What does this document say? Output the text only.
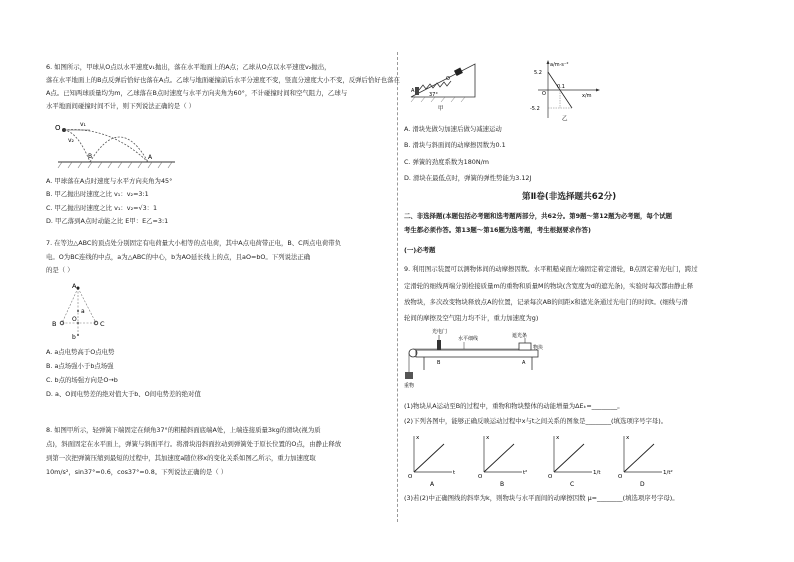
6. 如图所示，甲球从O点以水平速度v₁抛出，落在水平地面上的A点；乙球从O点以水平速度v₂抛出，
落在水平地面上的B点反弹后恰好也落在A点。乙球与地面碰撞前后水平分速度不变，竖直分速度大小不变，反弹后恰好也落在
A点。已知两球质量均为m，乙球落在B点时速度与水平方向夹角为60°，不计碰撞时间和空气阻力，乙球与
水平地面间碰撞时间不计，则下列说法正确的是（ ）
O	v₁
v₂
B	A
A. 甲球落在A点时速度与水平方向夹角为45°
B. 甲乙抛出时速度之比 v₁：v₂=3:1
C. 甲乙抛出时速度之比 v₁：v₂=√3：1
D. 甲乙落到A点时动能之比 E甲：E乙=3:1
7. 在等边△ABC的顶点处分别固定有电荷量大小相等的点电荷，其中A点电荷带正电，B、C两点电荷带负
电。O为BC连线的中点，a为△ABC的中心，b为AO延长线上的点，且aO=bO。下列说法正确
的是（ ）
A
a
O
b
B	C
A. a点电势高于O点电势
B. a点场强小于b点场强
C. b点的场强方向是O→b
D. a、O间电势差的绝对值大于b、O间电势差的绝对值
8. 如图甲所示，轻弹簧下端固定在倾角37°的粗糙斜面底端A处，上端连接质量3kg的滑块(视为质
点)，斜面固定在水平面上，弹簧与斜面平行。将滑块沿斜面拉动到弹簧处于原长位置的O点，由静止释放
到第一次把弹簧压缩到最短的过程中，其加速度a随位移x的变化关系如图乙所示，重力加速度取
10m/s²，sin37°=0.6，cos37°=0.8。下列说法正确的是（ ）
37°
O
A
甲
a/m·s⁻²
5.2
-5.2
O
0.1
x/m
乙
A. 滑块先做匀加速后做匀减速运动
B. 滑块与斜面间的动摩擦因数为0.1
C. 弹簧的劲度系数为180N/m
D. 滑块在最低点时，弹簧的弹性势能为3.12J
第Ⅱ卷(非选择题共62分)
二、非选择题(本题包括必考题和选考题两部分，共62分。第9题～第12题为必考题，每个试题
考生都必须作答。第13题～第16题为选考题，考生根据要求作答)
(一)必考题
9. 利用图示装置可以测物体间的动摩擦因数。水平粗糙桌面左端固定着定滑轮，B点固定着光电门，跨过
定滑轮的细线两端分别栓接质量m的重物和质量M的物块(含宽度为d的遮光条)，实验时每次都由静止释
放物块，多次改变物块释放点A的位置，记录每次AB的间距x和遮光条通过光电门的时间t。(细线与滑
轮间的摩擦及空气阻力均不计，重力加速度为g)
光电门
水平细线	遮光条
物块
重物
B	A
(1)物块从A运动至B的过程中，重物和物块整体的动能增量为ΔEₖ=________。
(2)下列各图中，能够正确反映运动过程中x与t之间关系的图象是________(填选项序号字母)。
x
t
O
A
x
t²
O
B
x
1/t
O
C
x
1/t²
O
D
(3)若(2)中正确图线的斜率为k，则物块与水平面间的动摩擦因数 μ=________(填选项序号字母)。
